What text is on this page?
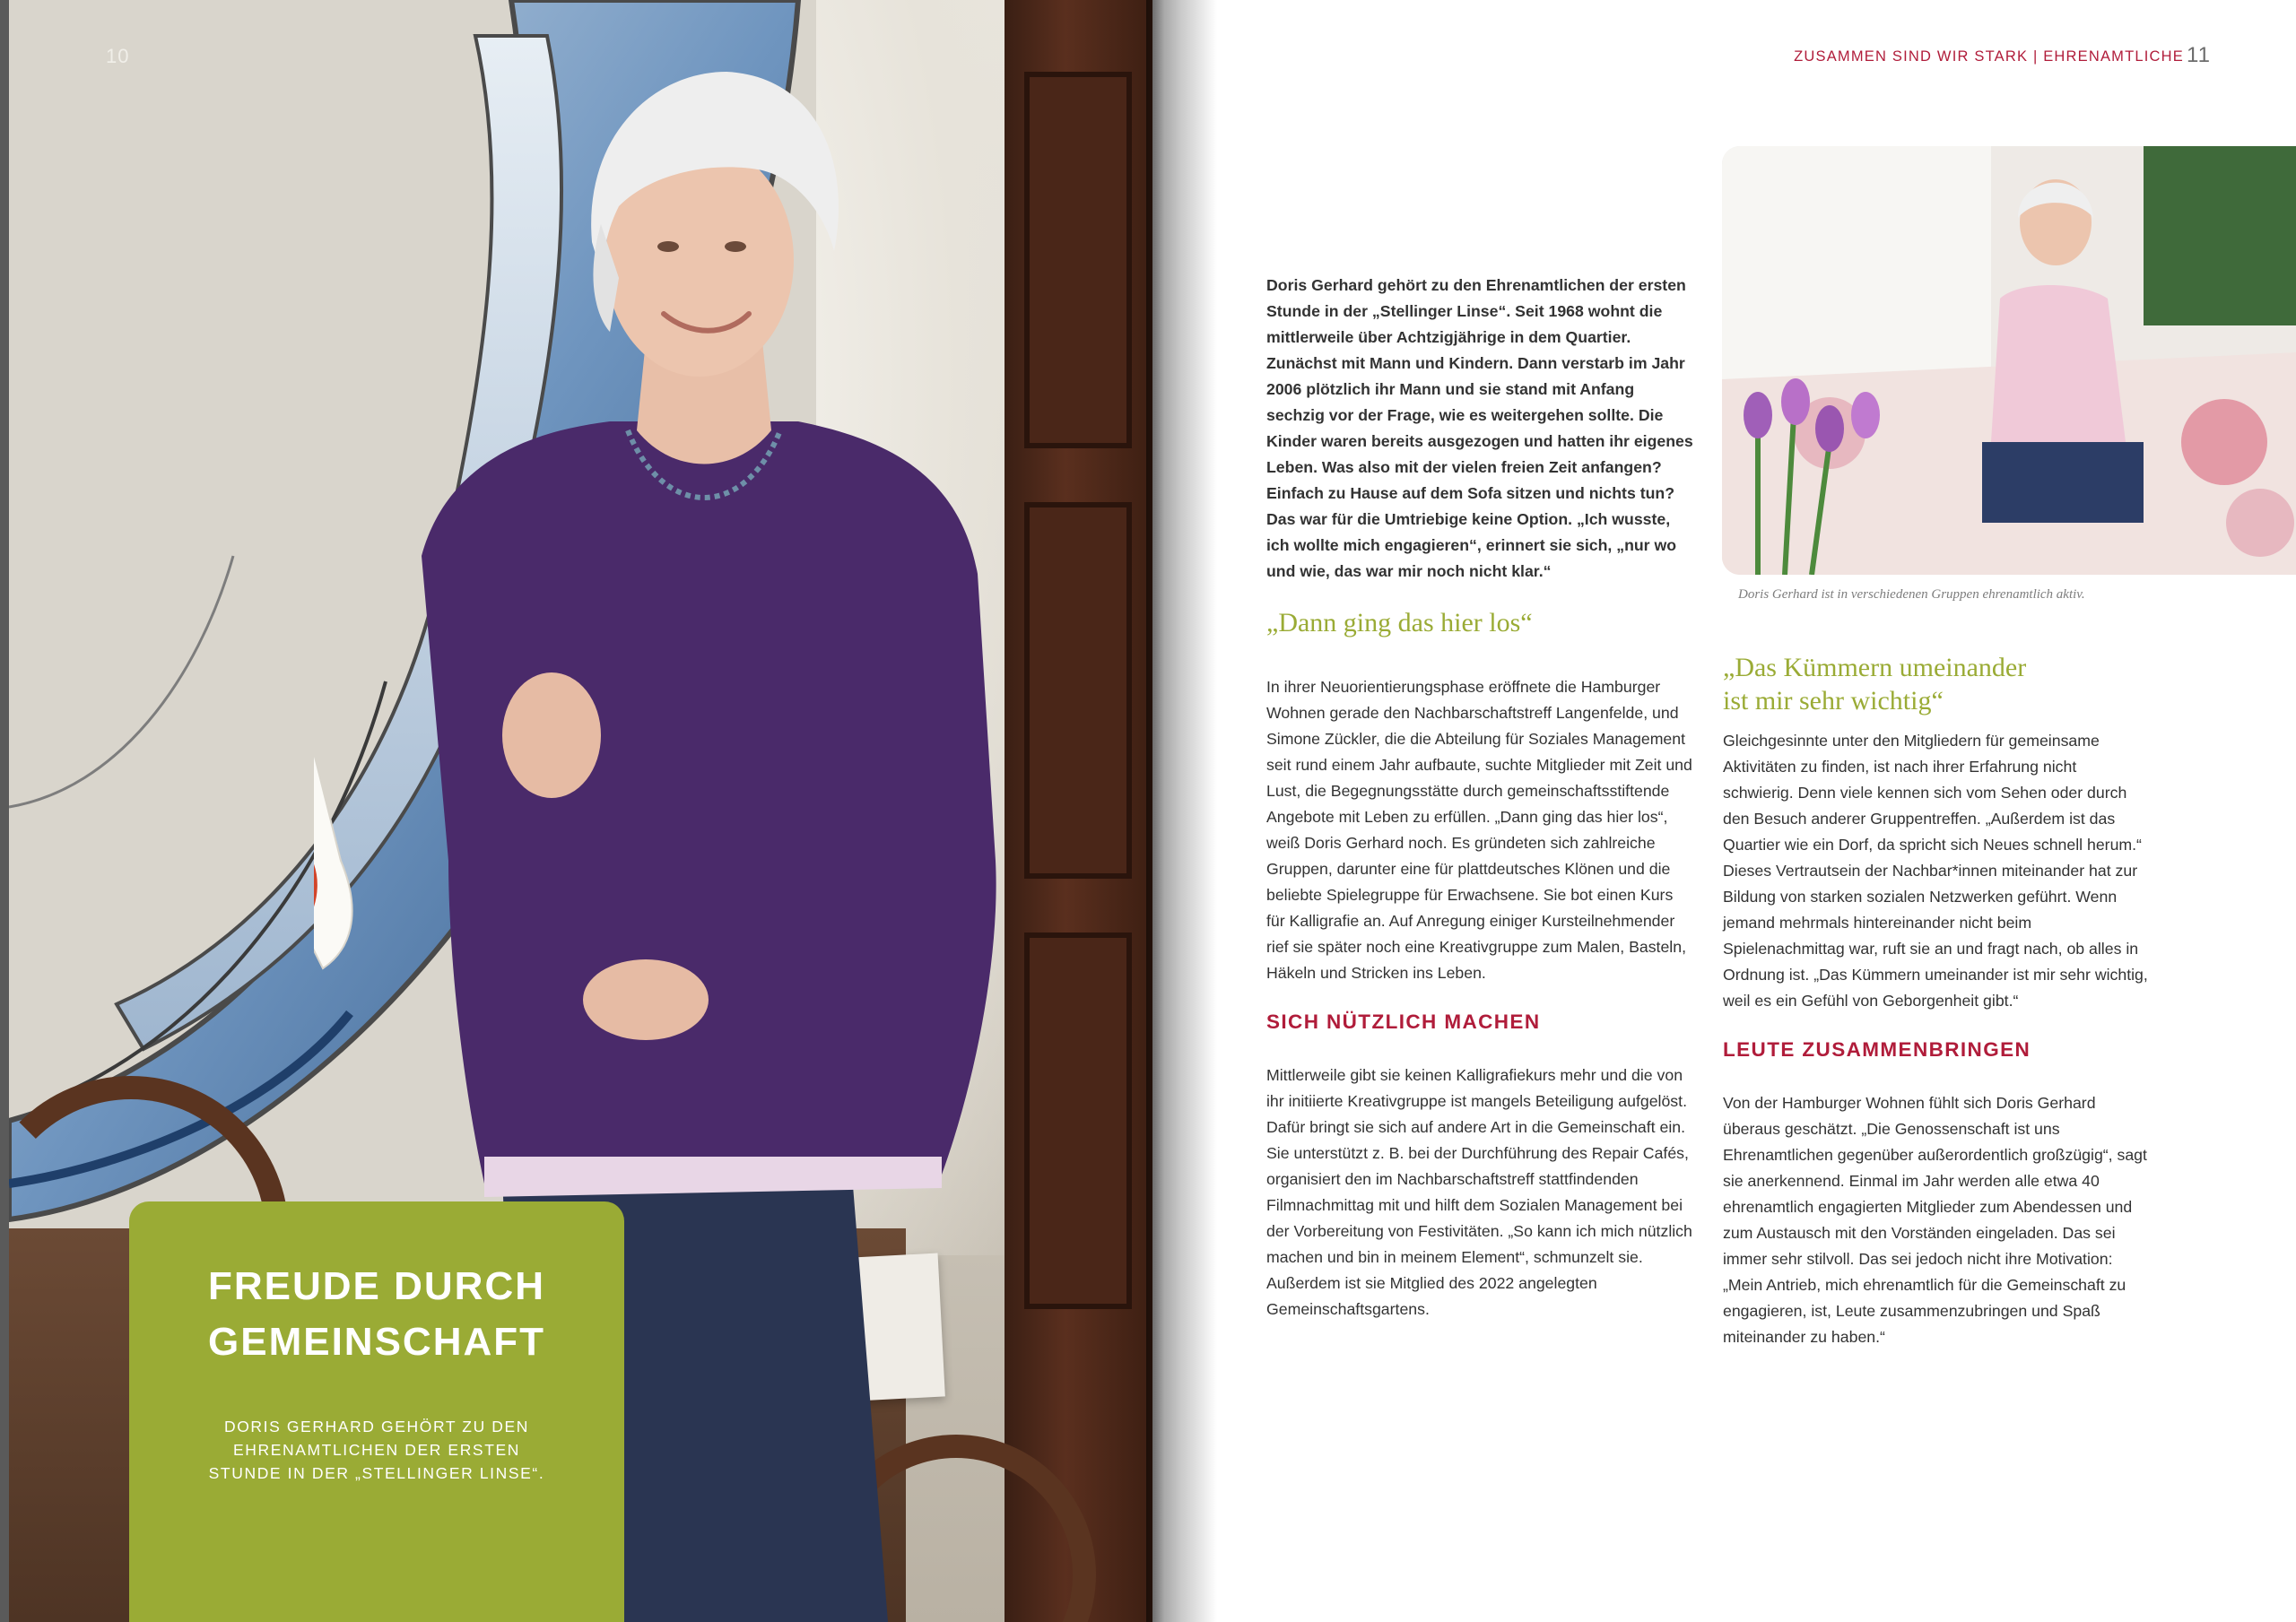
10
FREUDE DURCH
GEMEINSCHAFT

DORIS GERHARD GEHÖRT ZU DEN EHRENAMTLICHEN DER ERSTEN STUNDE IN DER „STELLINGER LINSE“.

ZUSAMMEN SIND WIR STARK | EHRENAMTLICHE 11
Doris Gerhard ist in verschiedenen Gruppen ehrenamtlich aktiv.

Doris Gerhard gehört zu den Ehrenamtlichen der ersten Stunde in der „Stellinger Linse“. Seit 1968 wohnt die mittlerweile über Achtzigjährige in dem Quartier. Zunächst mit Mann und Kindern. Dann verstarb im Jahr 2006 plötzlich ihr Mann und sie stand mit Anfang sechzig vor der Frage, wie es weitergehen sollte. Die Kinder waren bereits ausgezogen und hatten ihr eigenes Leben. Was also mit der vielen freien Zeit anfangen? Einfach zu Hause auf dem Sofa sitzen und nichts tun? Das war für die Umtriebige keine Option. „Ich wusste, ich wollte mich engagieren“, erinnert sie sich, „nur wo und wie, das war mir noch nicht klar.“

„Dann ging das hier los“

In ihrer Neuorientierungsphase eröffnete die Hamburger Wohnen gerade den Nachbarschaftstreff Langenfelde, und Simone Zückler, die die Abteilung für Soziales Management seit rund einem Jahr aufbaute, suchte Mitglieder mit Zeit und Lust, die Begegnungsstätte durch gemeinschaftsstiftende Angebote mit Leben zu erfüllen. „Dann ging das hier los“, weiß Doris Gerhard noch. Es gründeten sich zahlreiche Gruppen, darunter eine für plattdeutsches Klönen und die beliebte Spielegruppe für Erwachsene. Sie bot einen Kurs für Kalligrafie an. Auf Anregung einiger Kursteilnehmender rief sie später noch eine Kreativgruppe zum Malen, Basteln, Häkeln und Stricken ins Leben.

SICH NÜTZLICH MACHEN

Mittlerweile gibt sie keinen Kalligrafiekurs mehr und die von ihr initiierte Kreativgruppe ist mangels Beteiligung aufgelöst. Dafür bringt sie sich auf andere Art in die Gemeinschaft ein. Sie unterstützt z. B. bei der Durchführung des Repair Cafés, organisiert den im Nachbarschaftstreff stattfindenden Filmnachmittag mit und hilft dem Sozialen Management bei der Vorbereitung von Festivitäten. „So kann ich mich nützlich machen und bin in meinem Element“, schmunzelt sie. Außerdem ist sie Mitglied des 2022 angelegten Gemeinschaftsgartens.

„Das Kümmern umeinander
ist mir sehr wichtig“

Gleichgesinnte unter den Mitgliedern für gemeinsame Aktivitäten zu finden, ist nach ihrer Erfahrung nicht schwierig. Denn viele kennen sich vom Sehen oder durch den Besuch anderer Gruppentreffen. „Außerdem ist das Quartier wie ein Dorf, da spricht sich Neues schnell herum.“ Dieses Vertrautsein der Nachbar*innen miteinander hat zur Bildung von starken sozialen Netzwerken geführt. Wenn jemand mehrmals hintereinander nicht beim Spielenachmittag war, ruft sie an und fragt nach, ob alles in Ordnung ist. „Das Kümmern umeinander ist mir sehr wichtig, weil es ein Gefühl von Geborgenheit gibt.“

LEUTE ZUSAMMENBRINGEN

Von der Hamburger Wohnen fühlt sich Doris Gerhard überaus geschätzt. „Die Genossenschaft ist uns Ehrenamtlichen gegenüber außerordentlich großzügig“, sagt sie anerkennend. Einmal im Jahr werden alle etwa 40 ehrenamtlich engagierten Mitglieder zum Abendessen und zum Austausch mit den Vorständen eingeladen. Das sei immer sehr stilvoll. Das sei jedoch nicht ihre Motivation: „Mein Antrieb, mich ehrenamtlich für die Gemeinschaft zu engagieren, ist, Leute zusammenzubringen und Spaß miteinander zu haben.“
